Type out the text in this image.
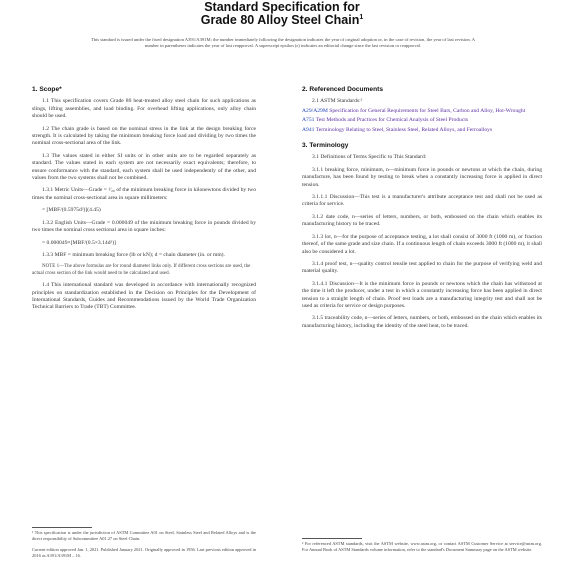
Standard Specification for
Grade 80 Alloy Steel Chain$^1$
This standard is issued under the fixed designation A391/A391M; the number immediately following the designation indicates the year of original adoption or, in the case of revision, the year of last revision. A number in parentheses indicates the year of last reapproval. A superscript epsilon (ε) indicates an editorial change since the last revision or reapproval.
1. Scope*

1.1 This specification covers Grade 80 heat-treated alloy steel chain for such applications as slings, lifting assemblies, and load binding. For overhead lifting applications, only alloy chain should be used.

1.2 The chain grade is based on the nominal stress in the link at the design breaking force strength. It is calculated by taking the minimum breaking force load and dividing by two times the nominal cross-sectional area of the link.

1.3 The values stated in either SI units or in other units are to be regarded separately as standard. The values stated in each system are not necessarily exact equivalents; therefore, to ensure conformance with the standard, each system shall be used independently of the other, and values from the two systems shall not be combined.

1.3.1 Metric Units—Grade = ¹⁄₂₀ of the minimum breaking force in kilonewtons divided by two times the nominal cross-sectional area in square millimeters:

= [MBF/(0.5975d²)](4.45)

1.3.2 English Units—Grade = 0.000049 of the minimum breaking force in pounds divided by two times the nominal cross sectional area in square inches:

= 0.000049×[MBF/(0.5×3.14d²)]

1.3.3 MBF = minimum breaking force (lb or kN); d = chain diameter (in. or mm).

NOTE 1—The above formulas are for round diameter links only. If different cross sections are used, the actual cross section of the link would need to be calculated and used.

1.4 This international standard was developed in accordance with internationally recognized principles on standardization established in the Decision on Principles for the Development of International Standards, Guides and Recommendations issued by the World Trade Organization Technical Barriers to Trade (TBT) Committee.

¹ This specification is under the jurisdiction of ASTM Committee A01 on Steel, Stainless Steel and Related Alloys and is the direct responsibility of Subcommittee A01.27 on Steel Chain.
Current edition approved Jan. 1, 2021. Published January 2021. Originally approved in 1956. Last previous edition approved in 2016 as A391/A391M – 16.
2. Referenced Documents

2.1 ASTM Standards:²

A29/A29M Specification for General Requirements for Steel Bars, Carbon and Alloy, Hot-Wrought

A751 Test Methods and Practices for Chemical Analysis of Steel Products

A941 Terminology Relating to Steel, Stainless Steel, Related Alloys, and Ferroalloys

3. Terminology

3.1 Definitions of Terms Specific to This Standard:

3.1.1 breaking force, minimum, n—minimum force in pounds or newtons at which the chain, during manufacture, has been found by testing to break when a constantly increasing force is applied in direct tension.

3.1.1.1 Discussion—This test is a manufacturer's attribute acceptance test and shall not be used as criteria for service.

3.1.2 date code, n—series of letters, numbers, or both, embossed on the chain which enables its manufacturing history to be traced.

3.1.3 lot, n—for the purpose of acceptance testing, a lot shall consist of 3000 ft (1000 m), or fraction thereof, of the same grade and size chain. If a continuous length of chain exceeds 3000 ft (1000 m), it shall also be considered a lot.

3.1.4 proof test, n—quality control tensile test applied to chain for the purpose of verifying weld and material quality.

3.1.4.1 Discussion—It is the minimum force in pounds or newtons which the chain has withstood at the time it left the producer, under a test in which a constantly increasing force has been applied in direct tension to a straight length of chain. Proof test loads are a manufacturing integrity test and shall not be used as criteria for service or design purposes.

3.1.5 traceability code, n—series of letters, numbers, or both, embossed on the chain which enables its manufacturing history, including the identity of the steel heat, to be traced.

² For referenced ASTM standards, visit the ASTM website, www.astm.org, or contact ASTM Customer Service at service@astm.org. For Annual Book of ASTM Standards volume information, refer to the standard's Document Summary page on the ASTM website.
